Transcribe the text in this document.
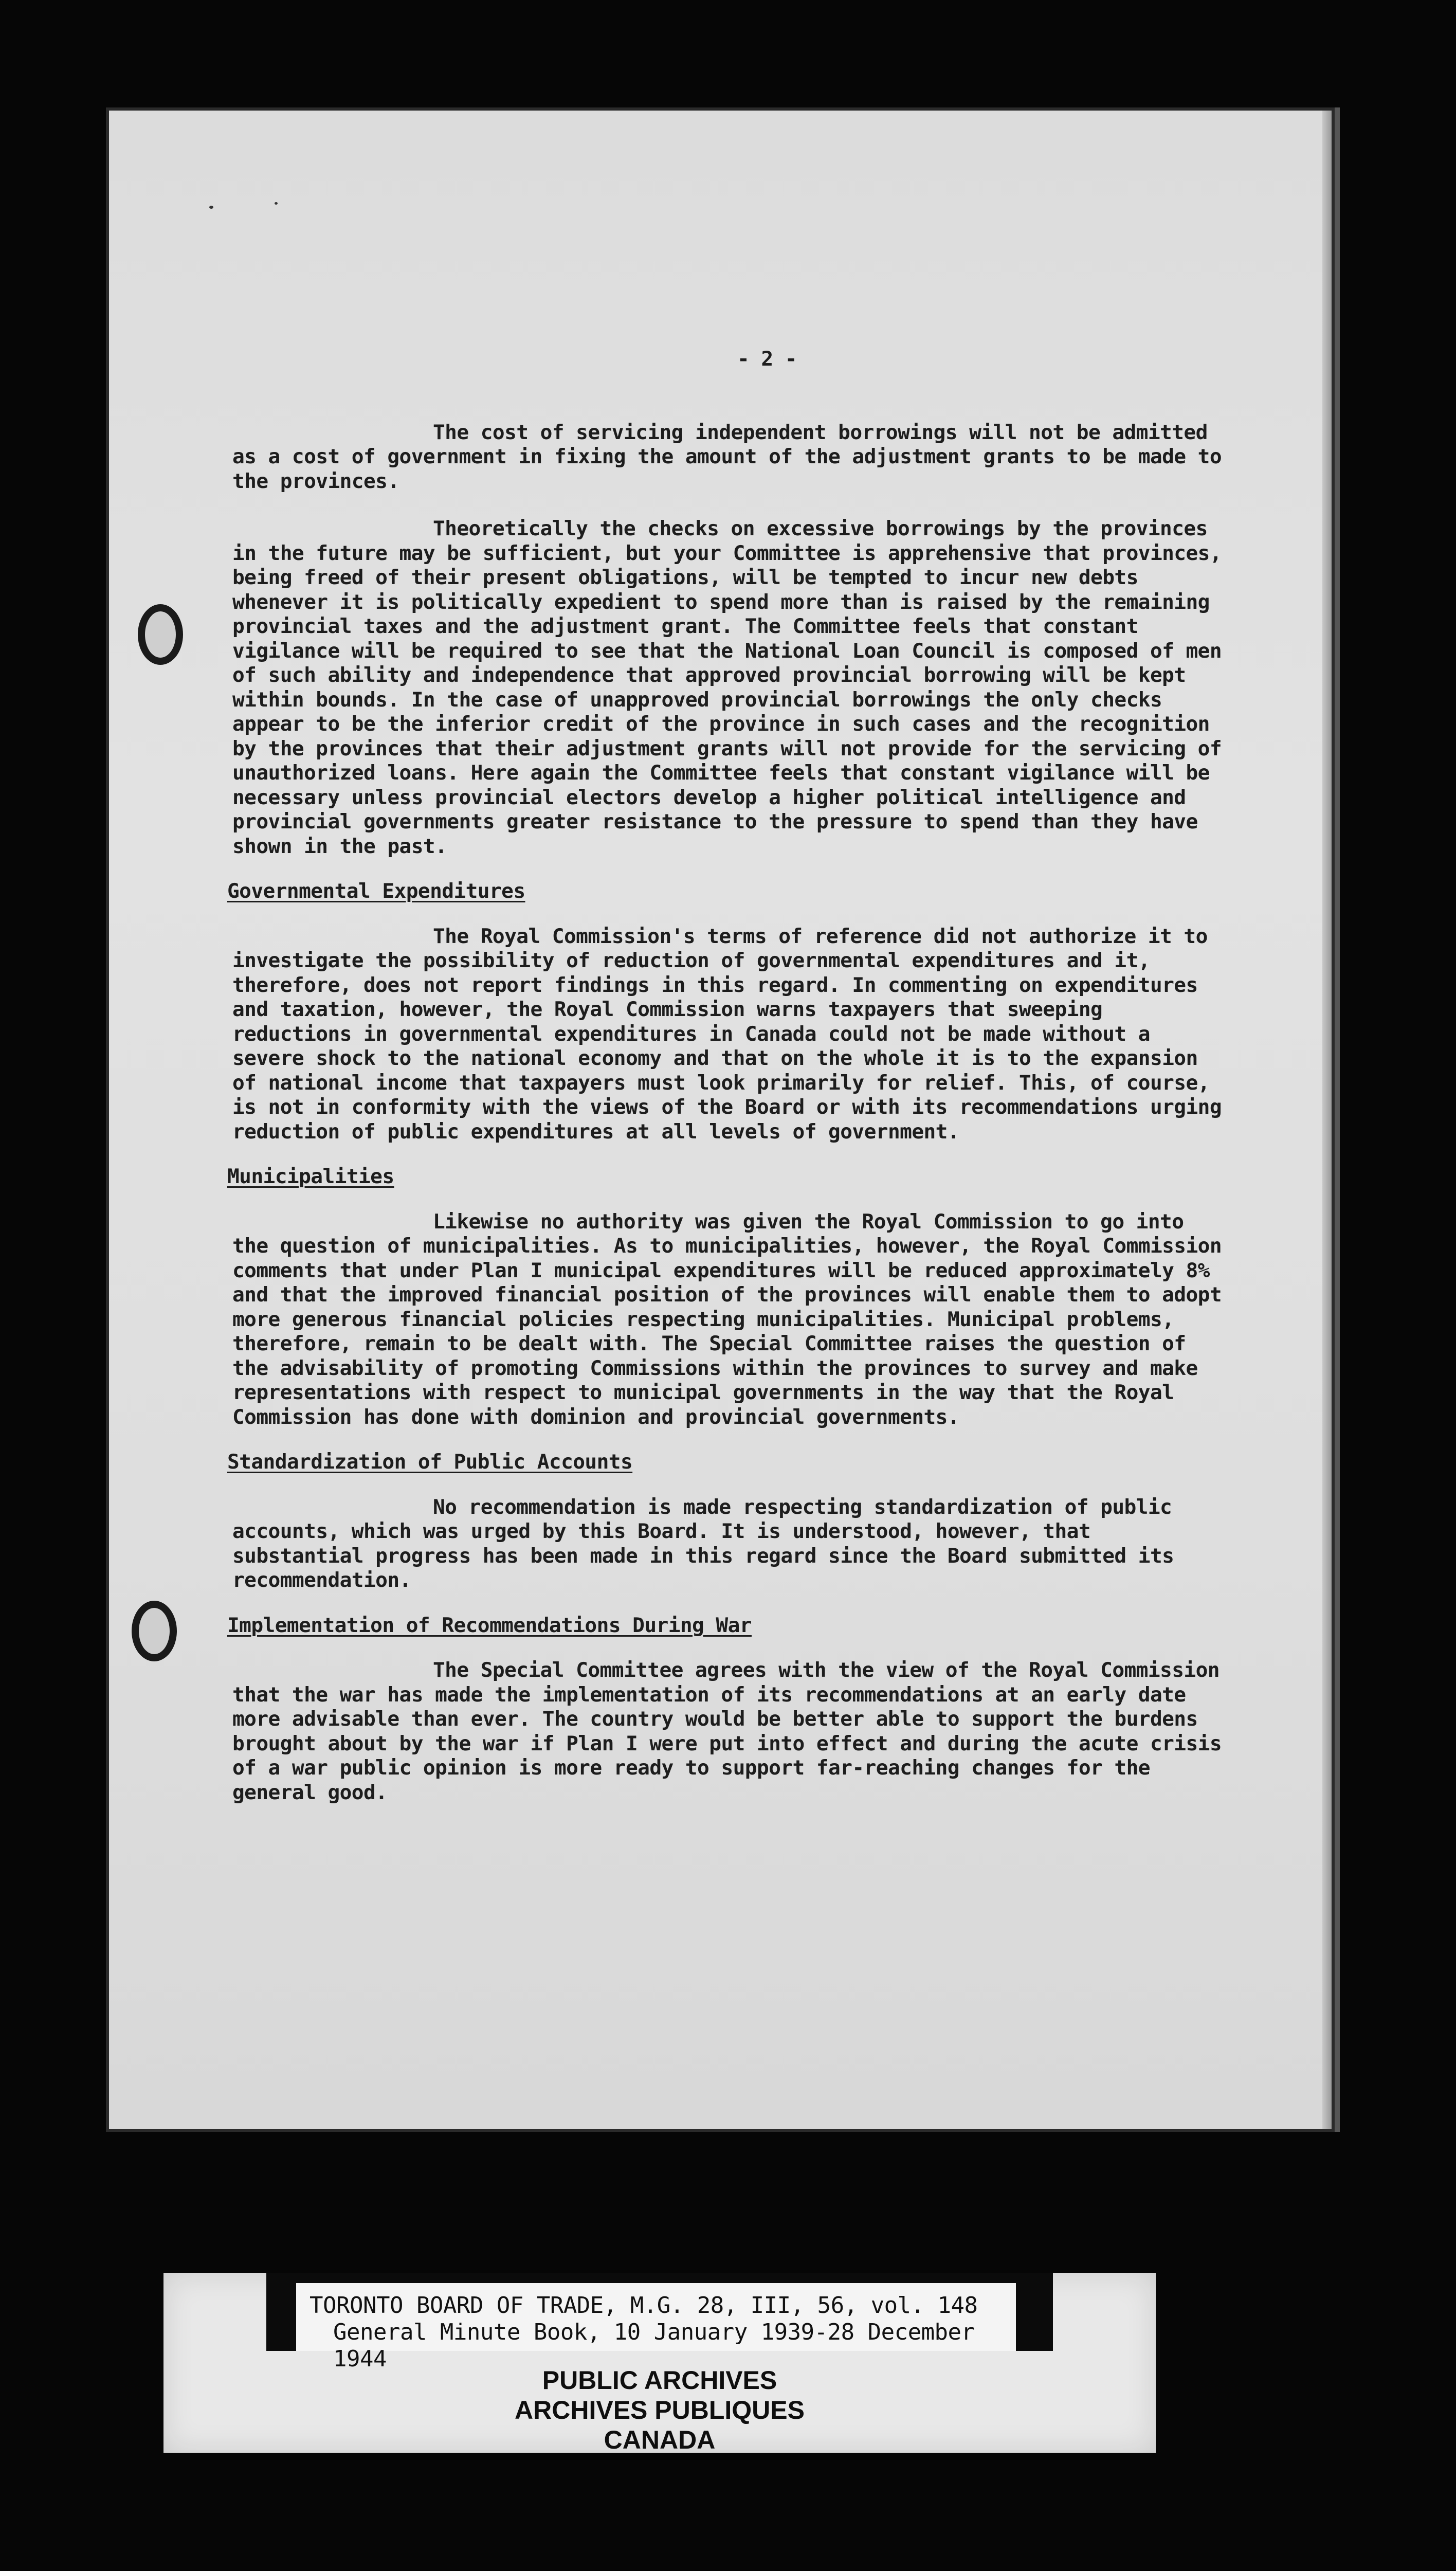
- 2 -

The cost of servicing independent borrowings will not be admitted as a cost of government in fixing the amount of the adjustment grants to be made to the provinces.

Theoretically the checks on excessive borrowings by the provinces in the future may be sufficient, but your Committee is apprehensive that provinces, being freed of their present obligations, will be tempted to incur new debts whenever it is politically expedient to spend more than is raised by the remaining provincial taxes and the adjustment grant. The Committee feels that constant vigilance will be required to see that the National Loan Council is composed of men of such ability and independence that approved provincial borrowing will be kept within bounds. In the case of unapproved provincial borrowings the only checks appear to be the inferior credit of the province in such cases and the recognition by the provinces that their adjustment grants will not provide for the servicing of unauthorized loans. Here again the Committee feels that constant vigilance will be necessary unless provincial electors develop a higher political intelligence and provincial governments greater resistance to the pressure to spend than they have shown in the past.

Governmental Expenditures

The Royal Commission's terms of reference did not authorize it to investigate the possibility of reduction of governmental expenditures and it, therefore, does not report findings in this regard. In commenting on expenditures and taxation, however, the Royal Commission warns taxpayers that sweeping reductions in governmental expenditures in Canada could not be made without a severe shock to the national economy and that on the whole it is to the expansion of national income that taxpayers must look primarily for relief. This, of course, is not in conformity with the views of the Board or with its recommendations urging reduction of public expenditures at all levels of government.

Municipalities

Likewise no authority was given the Royal Commission to go into the question of municipalities. As to municipalities, however, the Royal Commission comments that under Plan I municipal expenditures will be reduced approximately 8% and that the improved financial position of the provinces will enable them to adopt more generous financial policies respecting municipalities. Municipal problems, therefore, remain to be dealt with. The Special Committee raises the question of the advisability of promoting Commissions within the provinces to survey and make representations with respect to municipal governments in the way that the Royal Commission has done with dominion and provincial governments.

Standardization of Public Accounts

No recommendation is made respecting standardization of public accounts, which was urged by this Board. It is understood, however, that substantial progress has been made in this regard since the Board submitted its recommendation.

Implementation of Recommendations During War

The Special Committee agrees with the view of the Royal Commission that the war has made the implementation of its recommendations at an early date more advisable than ever. The country would be better able to support the burdens brought about by the war if Plan I were put into effect and during the acute crisis of a war public opinion is more ready to support far-reaching changes for the general good.

TORONTO BOARD OF TRADE, M.G. 28, III, 56, vol. 148
General Minute Book, 10 January 1939-28 December 1944
PUBLIC ARCHIVES
ARCHIVES PUBLIQUES
CANADA
